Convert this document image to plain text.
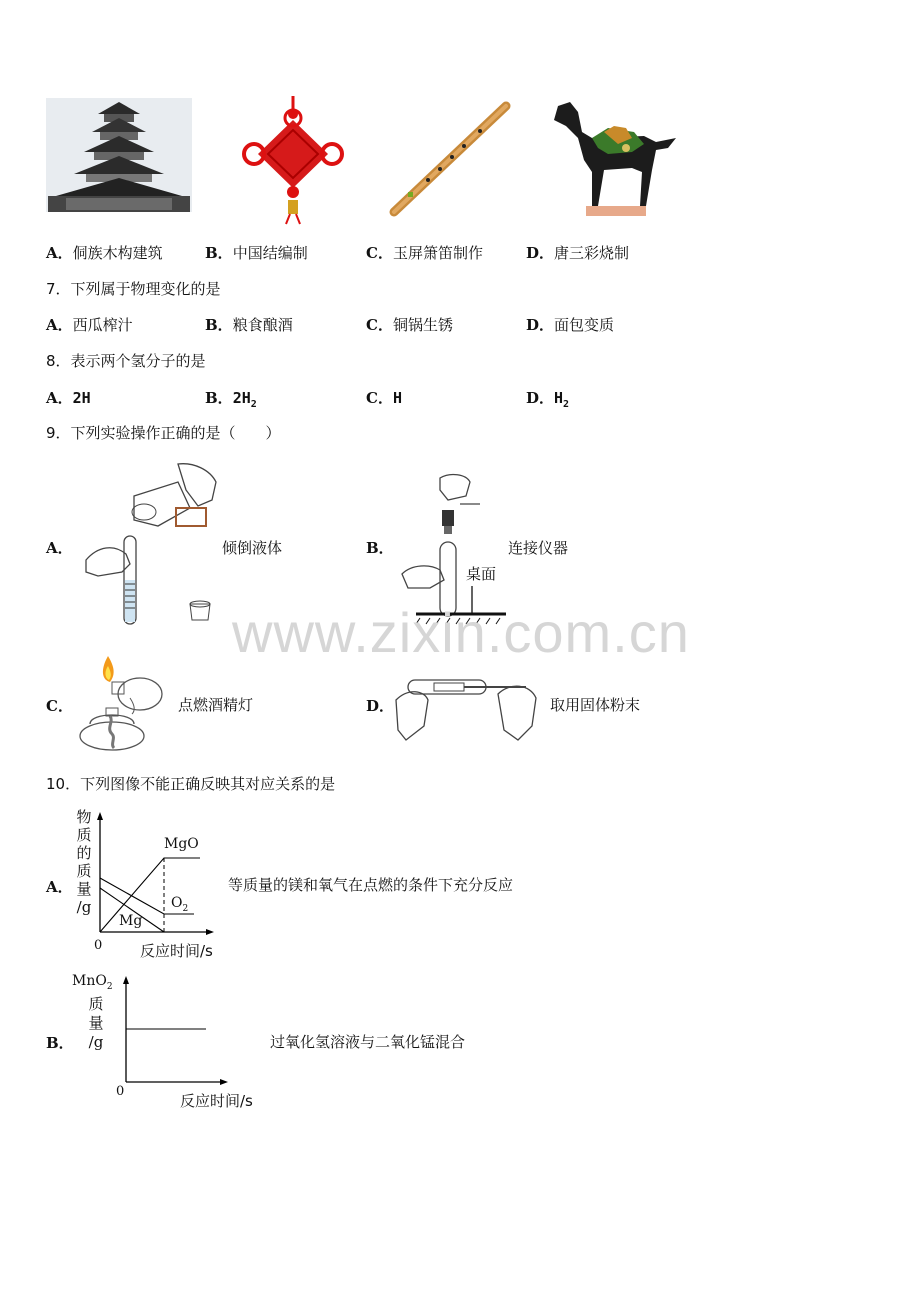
A．侗族木构建筑	B．中国结编制	C．玉屏箫笛制作	D．唐三彩烧制
7．下列属于物理变化的是
A．西瓜榨汁	B．粮食酿酒	C．铜锅生锈	D．面包变质
8．表示两个氢分子的是
A．2H	B．$2H_2$	C．H	D．$H_2$
9．下列实验操作正确的是（　　）
A．	倾倒液体	B．
桌面
连接仪器
C．	点燃酒精灯	D．	取用固体粉末
www.zixin.com.cn
10．下列图像不能正确反映其对应关系的是
A．
物
质
的
质
量
/g
MgO
$O_2$
Mg
0	反应时间/s
等质量的镁和氧气在点燃的条件下充分反应
B．
MnO$_2$
质
量
/g
0
反应时间/s
过氧化氢溶液与二氧化锰混合
